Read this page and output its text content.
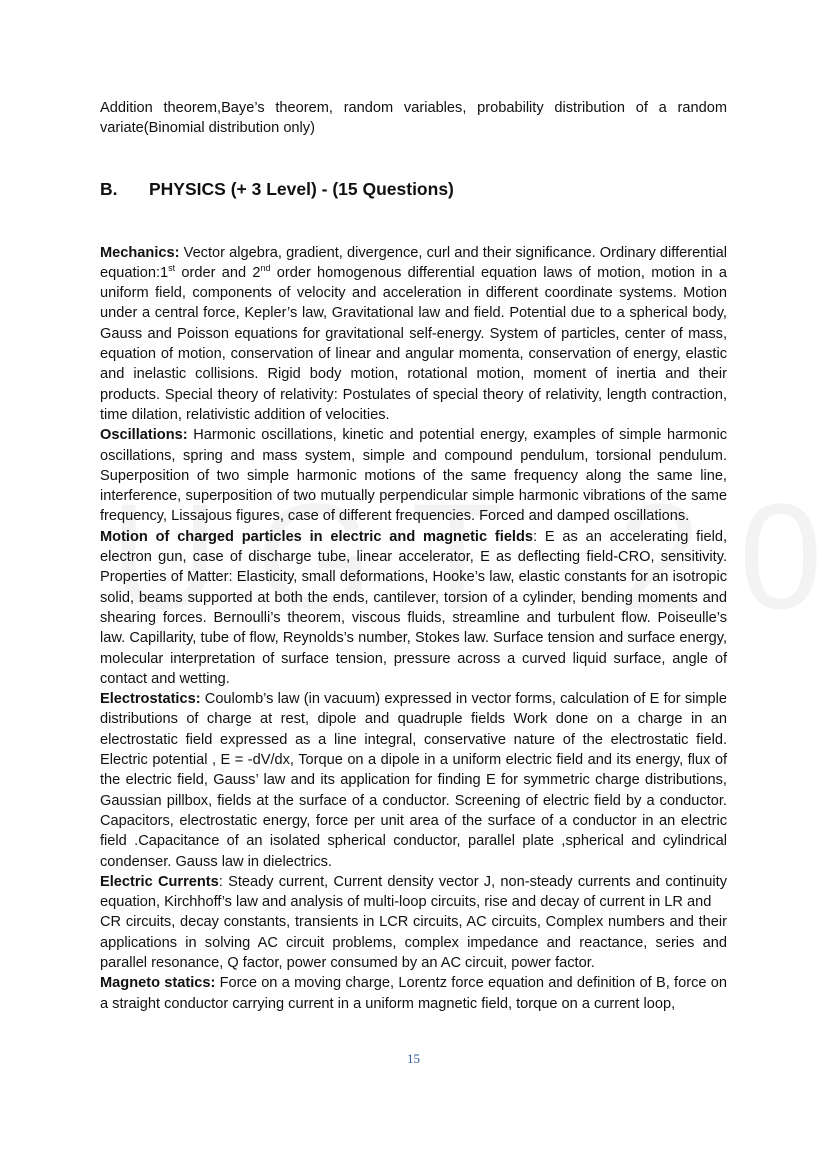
Addition theorem,Baye’s theorem, random variables, probability distribution of a random variate(Binomial distribution only)

B.	PHYSICS (+ 3 Level) - (15 Questions)

Mechanics: Vector algebra, gradient, divergence, curl and their significance. Ordinary differential equation:1st order and 2nd order homogenous differential equation laws of motion, motion in a uniform field, components of velocity and acceleration in different coordinate systems. Motion under a central force, Kepler’s law, Gravitational law and field. Potential due to a spherical body, Gauss and Poisson equations for gravitational self-energy. System of particles, center of mass, equation of motion, conservation of linear and angular momenta, conservation of energy, elastic and inelastic collisions. Rigid body motion, rotational motion, moment of inertia and their products. Special theory of relativity: Postulates of special theory of relativity, length contraction, time dilation, relativistic addition of velocities.

Oscillations: Harmonic oscillations, kinetic and potential energy, examples of simple harmonic oscillations, spring and mass system, simple and compound pendulum, torsional pendulum. Superposition of two simple harmonic motions of the same frequency along the same line, interference, superposition of two mutually perpendicular simple harmonic vibrations of the same frequency, Lissajous figures, case of different frequencies. Forced and damped oscillations.

Motion of charged particles in electric and magnetic fields: E as an accelerating field, electron gun, case of discharge tube, linear accelerator, E as deflecting field-CRO, sensitivity. Properties of Matter: Elasticity, small deformations, Hooke’s law, elastic constants for an isotropic solid, beams supported at both the ends, cantilever, torsion of a cylinder, bending moments and shearing forces. Bernoulli’s theorem, viscous fluids, streamline and turbulent flow. Poiseulle’s law. Capillarity, tube of flow, Reynolds’s number, Stokes law. Surface tension and surface energy, molecular interpretation of surface tension, pressure across a curved liquid surface, angle of contact and wetting.

Electrostatics: Coulomb’s law (in vacuum) expressed in vector forms, calculation of E for simple distributions of charge at rest, dipole and quadruple fields Work done on a charge in an electrostatic field expressed as a line integral, conservative nature of the electrostatic field. Electric potential , E = -dV/dx, Torque on a dipole in a uniform electric field and its energy, flux of the electric field, Gauss’ law and its application for finding E for symmetric charge distributions, Gaussian pillbox, fields at the surface of a conductor. Screening of electric field by a conductor. Capacitors, electrostatic energy, force per unit area of the surface of a conductor in an electric field .Capacitance of an isolated spherical conductor, parallel plate ,spherical and cylindrical condenser. Gauss law in dielectrics.

Electric Currents: Steady current, Current density vector J, non-steady currents and continuity equation, Kirchhoff’s law and analysis of multi-loop circuits, rise and decay of current in LR and

CR circuits, decay constants, transients in LCR circuits, AC circuits, Complex numbers and their applications in solving AC circuit problems, complex impedance and reactance, series and parallel resonance, Q factor, power consumed by an AC circuit, power factor.

Magneto statics: Force on a moving charge, Lorentz force equation and definition of B, force on a straight conductor carrying current in a uniform magnetic field, torque on a current loop,

15
